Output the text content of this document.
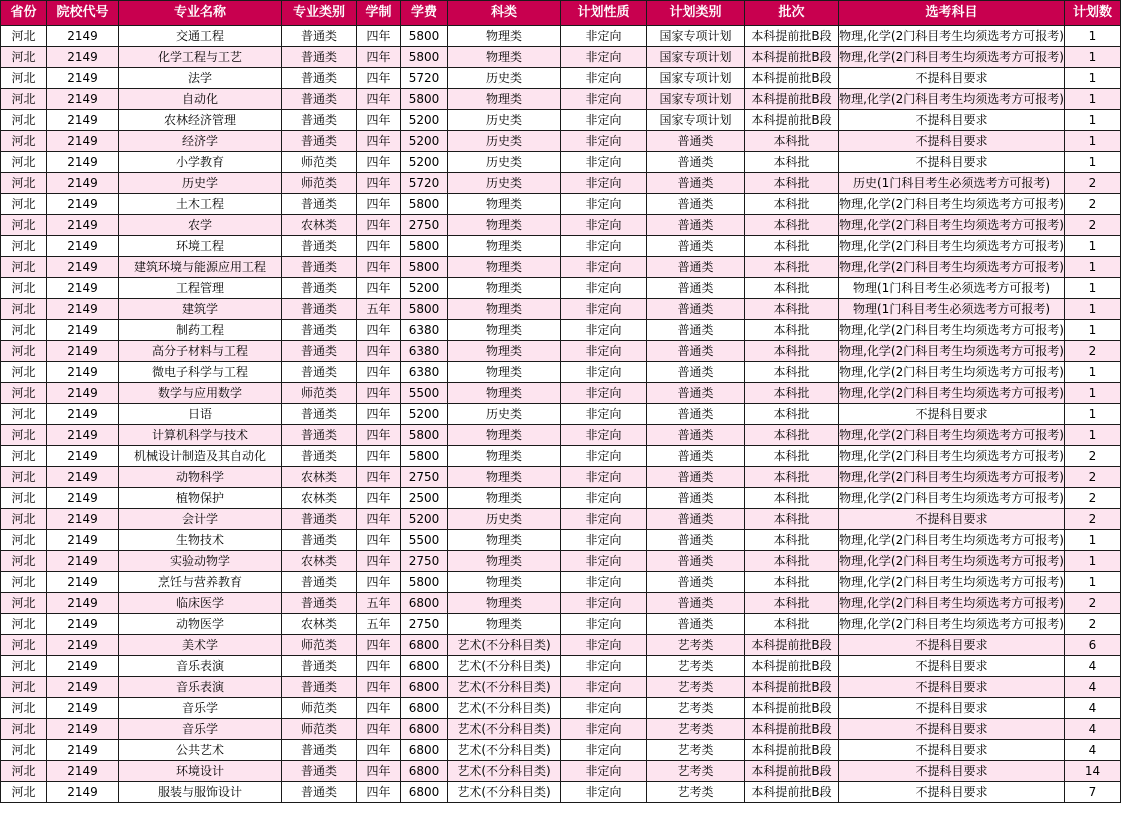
省份	院校代号	专业名称	专业类别	学制	学费	科类	计划性质	计划类别	批次	选考科目	计划数
河北	2149	交通工程	普通类	四年	5800	物理类	非定向	国家专项计划	本科提前批B段	物理,化学(2门科目考生均须选考方可报考)	1
河北	2149	化学工程与工艺	普通类	四年	5800	物理类	非定向	国家专项计划	本科提前批B段	物理,化学(2门科目考生均须选考方可报考)	1
河北	2149	法学	普通类	四年	5720	历史类	非定向	国家专项计划	本科提前批B段	不提科目要求	1
河北	2149	自动化	普通类	四年	5800	物理类	非定向	国家专项计划	本科提前批B段	物理,化学(2门科目考生均须选考方可报考)	1
河北	2149	农林经济管理	普通类	四年	5200	历史类	非定向	国家专项计划	本科提前批B段	不提科目要求	1
河北	2149	经济学	普通类	四年	5200	历史类	非定向	普通类	本科批	不提科目要求	1
河北	2149	小学教育	师范类	四年	5200	历史类	非定向	普通类	本科批	不提科目要求	1
河北	2149	历史学	师范类	四年	5720	历史类	非定向	普通类	本科批	历史(1门科目考生必须选考方可报考)	2
河北	2149	土木工程	普通类	四年	5800	物理类	非定向	普通类	本科批	物理,化学(2门科目考生均须选考方可报考)	2
河北	2149	农学	农林类	四年	2750	物理类	非定向	普通类	本科批	物理,化学(2门科目考生均须选考方可报考)	2
河北	2149	环境工程	普通类	四年	5800	物理类	非定向	普通类	本科批	物理,化学(2门科目考生均须选考方可报考)	1
河北	2149	建筑环境与能源应用工程	普通类	四年	5800	物理类	非定向	普通类	本科批	物理,化学(2门科目考生均须选考方可报考)	1
河北	2149	工程管理	普通类	四年	5200	物理类	非定向	普通类	本科批	物理(1门科目考生必须选考方可报考)	1
河北	2149	建筑学	普通类	五年	5800	物理类	非定向	普通类	本科批	物理(1门科目考生必须选考方可报考)	1
河北	2149	制药工程	普通类	四年	6380	物理类	非定向	普通类	本科批	物理,化学(2门科目考生均须选考方可报考)	1
河北	2149	高分子材料与工程	普通类	四年	6380	物理类	非定向	普通类	本科批	物理,化学(2门科目考生均须选考方可报考)	2
河北	2149	微电子科学与工程	普通类	四年	6380	物理类	非定向	普通类	本科批	物理,化学(2门科目考生均须选考方可报考)	1
河北	2149	数学与应用数学	师范类	四年	5500	物理类	非定向	普通类	本科批	物理,化学(2门科目考生均须选考方可报考)	1
河北	2149	日语	普通类	四年	5200	历史类	非定向	普通类	本科批	不提科目要求	1
河北	2149	计算机科学与技术	普通类	四年	5800	物理类	非定向	普通类	本科批	物理,化学(2门科目考生均须选考方可报考)	1
河北	2149	机械设计制造及其自动化	普通类	四年	5800	物理类	非定向	普通类	本科批	物理,化学(2门科目考生均须选考方可报考)	2
河北	2149	动物科学	农林类	四年	2750	物理类	非定向	普通类	本科批	物理,化学(2门科目考生均须选考方可报考)	2
河北	2149	植物保护	农林类	四年	2500	物理类	非定向	普通类	本科批	物理,化学(2门科目考生均须选考方可报考)	2
河北	2149	会计学	普通类	四年	5200	历史类	非定向	普通类	本科批	不提科目要求	2
河北	2149	生物技术	普通类	四年	5500	物理类	非定向	普通类	本科批	物理,化学(2门科目考生均须选考方可报考)	1
河北	2149	实验动物学	农林类	四年	2750	物理类	非定向	普通类	本科批	物理,化学(2门科目考生均须选考方可报考)	1
河北	2149	烹饪与营养教育	普通类	四年	5800	物理类	非定向	普通类	本科批	物理,化学(2门科目考生均须选考方可报考)	1
河北	2149	临床医学	普通类	五年	6800	物理类	非定向	普通类	本科批	物理,化学(2门科目考生均须选考方可报考)	2
河北	2149	动物医学	农林类	五年	2750	物理类	非定向	普通类	本科批	物理,化学(2门科目考生均须选考方可报考)	2
河北	2149	美术学	师范类	四年	6800	艺术(不分科目类)	非定向	艺考类	本科提前批B段	不提科目要求	6
河北	2149	音乐表演	普通类	四年	6800	艺术(不分科目类)	非定向	艺考类	本科提前批B段	不提科目要求	4
河北	2149	音乐表演	普通类	四年	6800	艺术(不分科目类)	非定向	艺考类	本科提前批B段	不提科目要求	4
河北	2149	音乐学	师范类	四年	6800	艺术(不分科目类)	非定向	艺考类	本科提前批B段	不提科目要求	4
河北	2149	音乐学	师范类	四年	6800	艺术(不分科目类)	非定向	艺考类	本科提前批B段	不提科目要求	4
河北	2149	公共艺术	普通类	四年	6800	艺术(不分科目类)	非定向	艺考类	本科提前批B段	不提科目要求	4
河北	2149	环境设计	普通类	四年	6800	艺术(不分科目类)	非定向	艺考类	本科提前批B段	不提科目要求	14
河北	2149	服装与服饰设计	普通类	四年	6800	艺术(不分科目类)	非定向	艺考类	本科提前批B段	不提科目要求	7
